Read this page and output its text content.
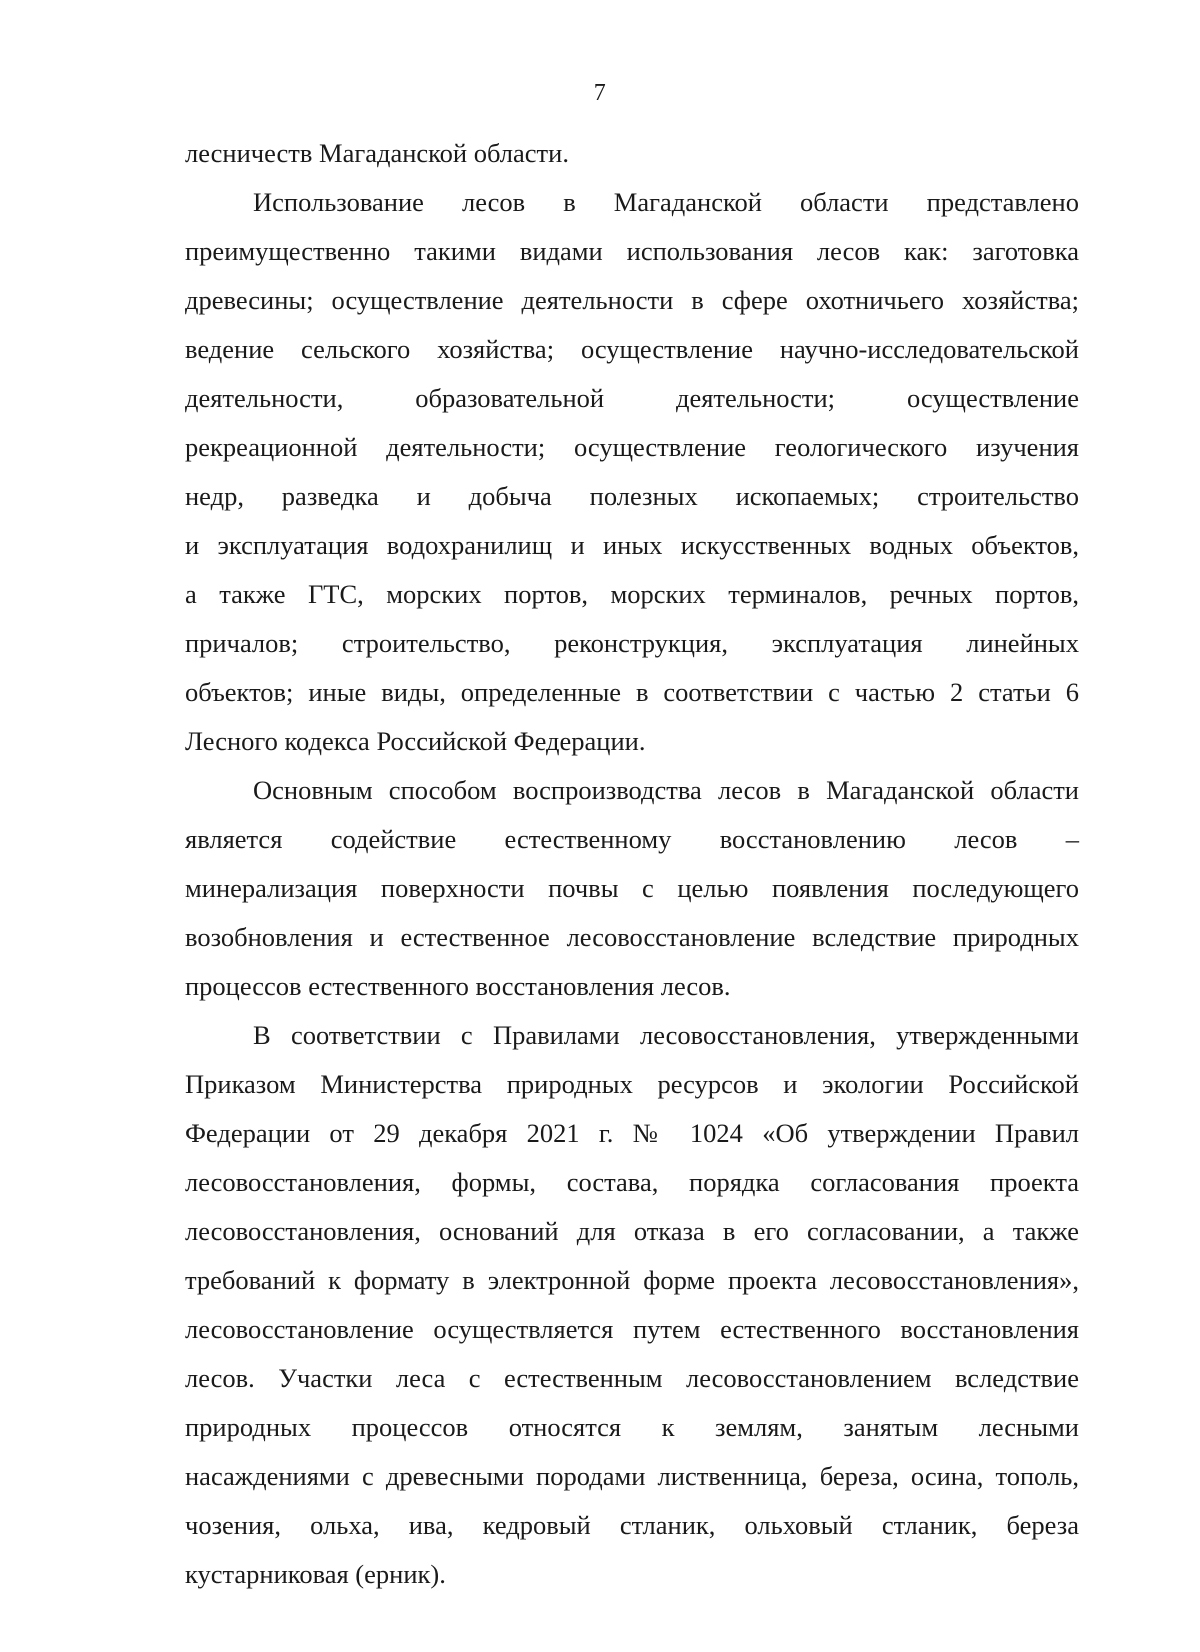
7
лесничеств Магаданской области.
Использование лесов в Магаданской области представлено
преимущественно такими видами использования лесов как: заготовка
древесины; осуществление деятельности в сфере охотничьего хозяйства;
ведение сельского хозяйства; осуществление научно-исследовательской
деятельности, образовательной деятельности; осуществление
рекреационной деятельности; осуществление геологического изучения
недр, разведка и добыча полезных ископаемых; строительство
и эксплуатация водохранилищ и иных искусственных водных объектов,
а также ГТС, морских портов, морских терминалов, речных портов,
причалов; строительство, реконструкция, эксплуатация линейных
объектов; иные виды, определенные в соответствии с частью 2 статьи 6
Лесного кодекса Российской Федерации.
Основным способом воспроизводства лесов в Магаданской области
является содействие естественному восстановлению лесов –
минерализация поверхности почвы с целью появления последующего
возобновления и естественное лесовосстановление вследствие природных
процессов естественного восстановления лесов.
В соответствии с Правилами лесовосстановления, утвержденными
Приказом Министерства природных ресурсов и экологии Российской
Федерации от 29 декабря 2021 г. № 1024 «Об утверждении Правил
лесовосстановления, формы, состава, порядка согласования проекта
лесовосстановления, оснований для отказа в его согласовании, а также
требований к формату в электронной форме проекта лесовосстановления»,
лесовосстановление осуществляется путем естественного восстановления
лесов. Участки леса с естественным лесовосстановлением вследствие
природных процессов относятся к землям, занятым лесными
насаждениями с древесными породами лиственница, береза, осина, тополь,
чозения, ольха, ива, кедровый стланик, ольховый стланик, береза
кустарниковая (ерник).
